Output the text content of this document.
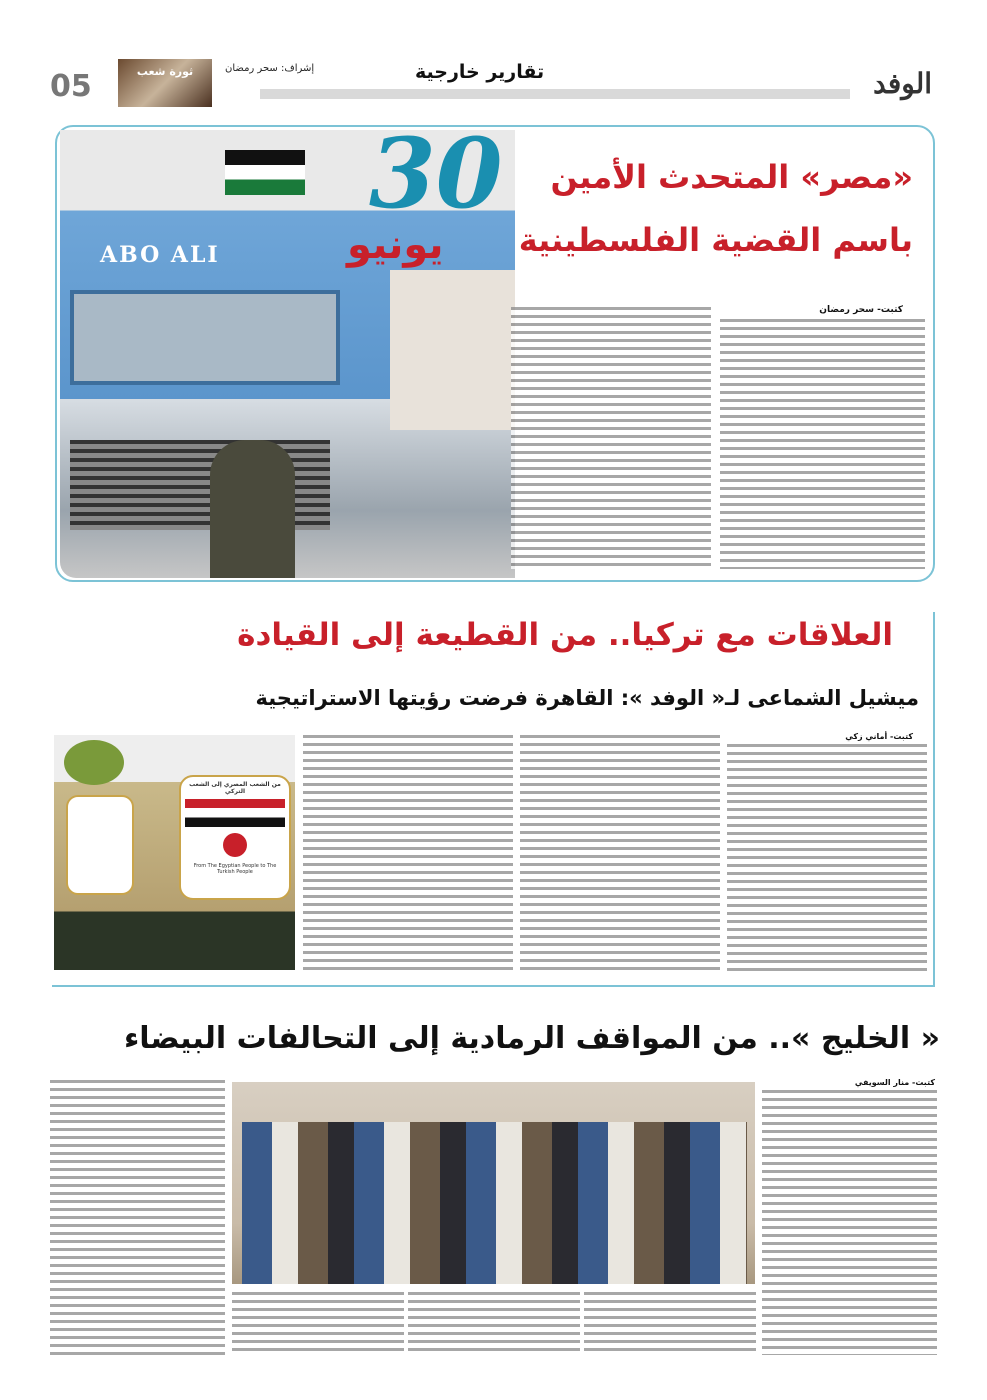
الوفد
تقارير خارجية
إشراف: سحر رمضان
ثورة شعب
05
ABO ALI
30
يونيو
«مصر» المتحدث الأمين
باسم القضية الفلسطينية
كتبت- سحر رمضان
العلاقات مع تركيا.. من القطيعة إلى القيادة
ميشيل الشماعى لـ« الوفد »: القاهرة فرضت رؤيتها الاستراتيجية
من الشعب المصري إلى الشعب التركي
From The Egyptian People to The Turkish People
كتبت- أماني زكي
« الخليج ».. من المواقف الرمادية إلى التحالفات البيضاء
كتبت- منار السويفي
